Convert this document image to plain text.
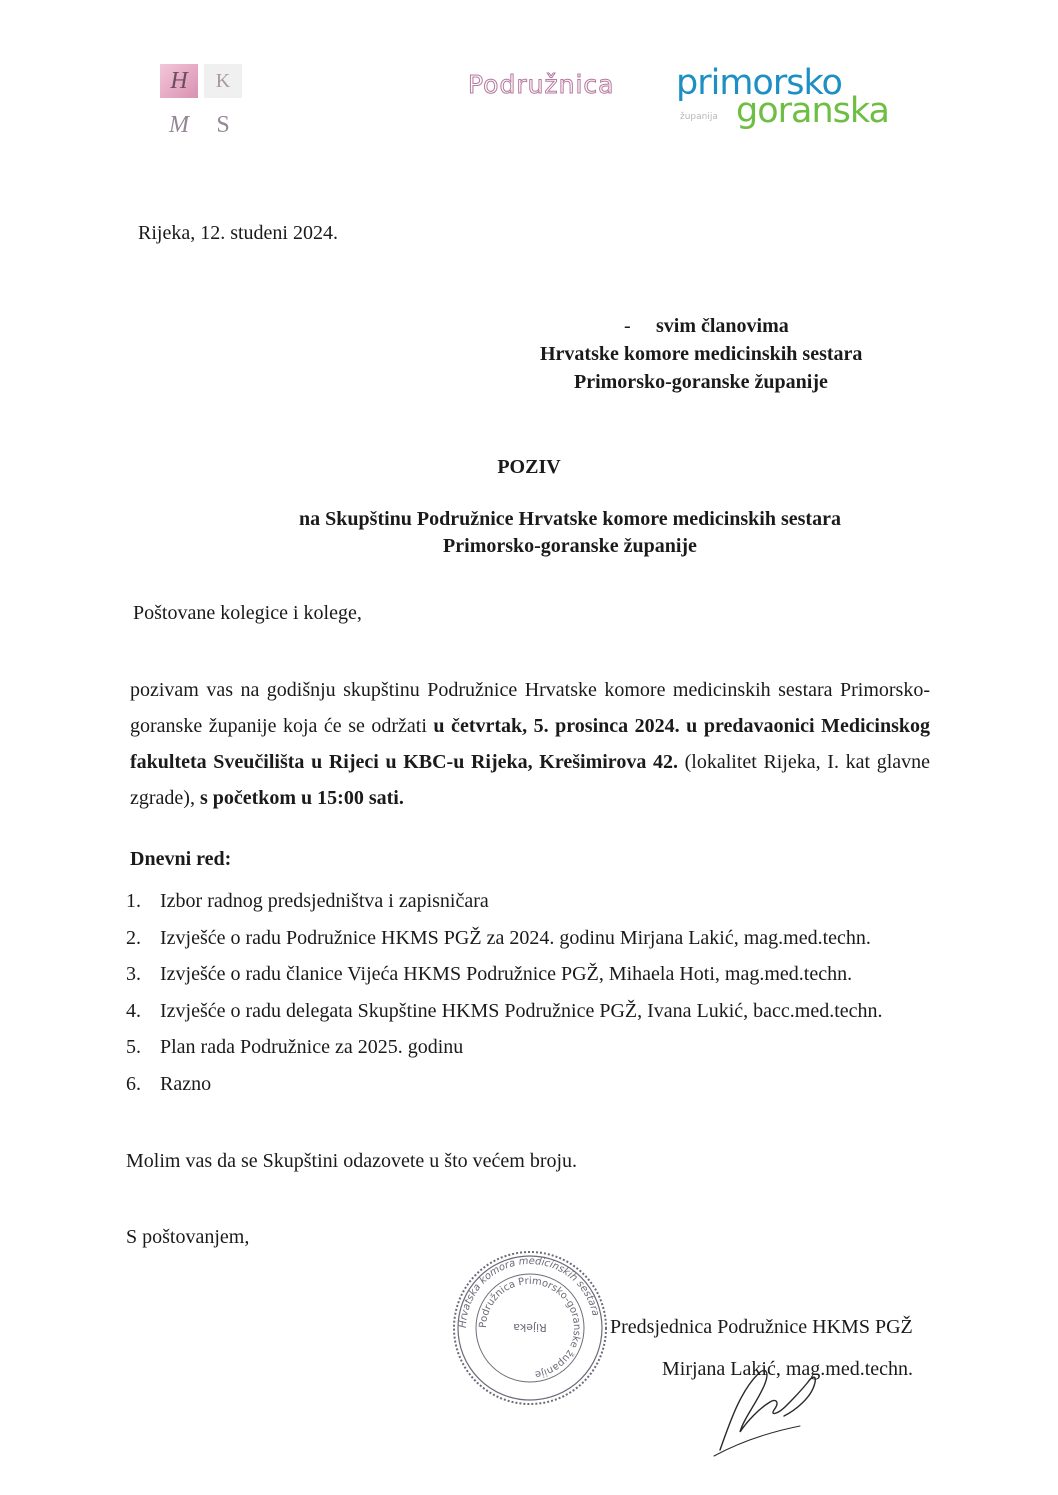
H	K
M	S
Podružnica primorsko
županija goranska
Rijeka, 12. studeni 2024.
- svim članovima
Hrvatske komore medicinskih sestara
Primorsko-goranske županije
POZIV
na Skupštinu Podružnice Hrvatske komore medicinskih sestara
Primorsko-goranske županije
Poštovane kolegice i kolege,
pozivam vas na godišnju skupštinu Podružnice Hrvatske komore medicinskih sestara Primorsko-goranske županije koja će se održati u četvrtak, 5. prosinca 2024. u predavaonici Medicinskog fakulteta Sveučilišta u Rijeci u KBC-u Rijeka, Krešimirova 42. (lokalitet Rijeka, I. kat glavne zgrade), s početkom u 15:00 sati.
Dnevni red:
1. Izbor radnog predsjedništva i zapisničara
2. Izvješće o radu Podružnice HKMS PGŽ za 2024. godinu Mirjana Lakić, mag.med.techn.
3. Izvješće o radu članice Vijeća HKMS Podružnice PGŽ, Mihaela Hoti, mag.med.techn.
4. Izvješće o radu delegata Skupštine HKMS Podružnice PGŽ, Ivana Lukić, bacc.med.techn.
5. Plan rada Podružnice za 2025. godinu
6. Razno
Molim vas da se Skupštini odazovete u što većem broju.
S poštovanjem,
Hrvatska komora medicinskih sestara
Podružnica Primorsko-goranske županije
Rijeka	Predsjednica Podružnice HKMS PGŽ
Mirjana Lakić, mag.med.techn.
